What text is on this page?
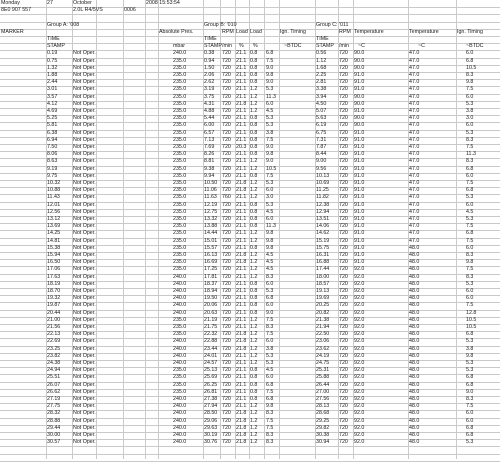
Monday	27	October	2008 15:53:54
8E0 907 557	2.0L R4/5VS	0006
Group A: '008	Group B: '010	Group C: '011
MARKER	Absolute Pres.	RPM Load Load	Ign. Timing	RPM Temperature	Temperature	Ign. Timing
TIME	TIME	TIME
STAMP	mbar	STAMP /min % %	~BTDC	STAMP /min ~C	~C	~BTDC
0.19	Not Oper.	240.0	0.38 720 21.1 0.8 6.8	0.56 720 90.0	47.0	6.0
0.75	Not Oper.	235.0	0.94 720 21.1 0.8 7.5	1.12 720 90.0	47.0	6.8
1.32	Not Oper.	235.0	1.50 720 21.1 0.8 9.0	1.68 720 90.0	47.0	10.5
1.88	Not Oper.	235.0	2.06 720 21.1 0.8 9.8	2.25 720 91.0	47.0	8.3
2.44	Not Oper.	235.0	2.62 720 21.1 0.8 9.0	2.81 720 91.0	47.0	9.8
3.01	Not Oper.	235.0	3.19 720 21.1 1.2 5.3	3.38 720 91.0	47.0	7.5
3.57	Not Oper.	235.0	3.75 720 21.1 1.2 11.3	3.94 720 90.0	47.0	6.0
4.12	Not Oper.	235.0	4.31 720 21.8 1.2 6.0	4.50 720 90.0	47.0	5.3
4.69	Not Oper.	235.0	4.88 720 21.1 1.2 4.5	5.07 720 91.0	47.0	3.8
5.25	Not Oper.	235.0	5.44 720 21.1 0.8 5.3	5.63 720 90.0	47.0	3.0
5.81	Not Oper.	235.0	6.00 720 21.1 0.8 5.3	6.19 720 90.0	47.0	6.0
6.38	Not Oper.	235.0	6.57 720 21.1 0.8 3.8	6.75 720 91.0	47.0	5.3
6.94	Not Oper.	235.0	7.13 720 21.1 0.8 7.5	7.31 720 91.0	47.0	8.3
7.50	Not Oper.	235.0	7.69 720 20.3 0.8 9.0	7.87 720 91.0	47.0	7.5
8.06	Not Oper.	235.0	8.26 720 21.1 0.8 9.8	8.44 720 91.0	47.0	11.3
8.63	Not Oper.	235.0	8.81 720 21.1 1.2 9.0	9.00 720 91.0	47.0	8.3
9.19	Not Oper.	235.0	9.38 720 21.1 1.2 10.5	9.56 720 91.0	47.0	6.8
9.75	Not Oper.	235.0	9.94 720 21.1 0.8 7.5	10.13 720 91.0	47.0	6.0
10.32 Not Oper.	235.0	10.50 720 21.8 1.2 5.3	10.69 720 91.0	47.0	7.5
10.88 Not Oper.	235.0	11.06 720 21.8 1.2 6.0	11.25 720 91.0	47.0	6.8
11.43 Not Oper.	235.0	11.63 760 21.1 1.2 3.0	11.82 720 91.0	47.0	5.3
12.01 Not Oper.	235.0	12.19 720 21.1 0.8 5.3	12.38 720 91.0	47.0	6.0
12.56 Not Oper.	235.0	12.75 720 21.1 0.8 4.5	12.94 720 91.0	47.0	4.5
13.12 Not Oper.	235.0	13.32 720 21.1 0.8 6.0	13.51 720 91.0	47.0	5.3
13.69 Not Oper.	235.0	13.88 720 21.1 0.8 11.3	14.06 720 91.0	47.0	7.5
14.25 Not Oper.	235.0	14.44 720 21.1 1.2 9.8	14.62 720 91.0	47.0	6.8
14.81 Not Oper.	235.0	15.01 720 21.1 1.2 9.8	15.19 720 91.0	47.0	7.5
15.38 Not Oper.	235.0	15.57 720 21.1 0.8 9.8	15.75 720 91.0	48.0	6.0
15.94 Not Oper.	235.0	16.13 720 21.8 1.2 4.5	16.31 720 91.0	48.0	8.3
16.50 Not Oper.	235.0	16.69 720 21.8 1.2 4.5	16.88 720 91.0	48.0	9.8
17.06 Not Oper.	235.0	17.25 720 21.1 1.2 4.5	17.44 720 92.0	48.0	7.5
17.63 Not Oper.	240.0	17.81 720 21.1 1.2 8.3	18.00 720 92.0	48.0	8.3
18.19 Not Oper.	240.0	18.37 720 21.1 0.8 6.0	18.57 720 92.0	48.0	5.3
18.70 Not Oper.	240.0	18.94 720 21.1 0.8 5.3	19.13 720 92.0	48.0	6.0
19.32 Not Oper.	240.0	19.50 720 21.1 0.8 6.8	19.69 720 92.0	48.0	6.0
19.87 Not Oper.	240.0	20.06 720 21.1 0.8 6.0	20.25 720 92.0	48.0	7.5
20.44 Not Oper.	240.0	20.63 720 21.1 0.8 9.0	20.82 720 92.0	48.0	12.8
21.00 Not Oper.	235.0	21.19 720 21.1 1.2 7.5	21.38 720 92.0	48.0	10.5
21.56 Not Oper.	235.0	21.75 720 21.1 1.2 8.3	21.94 720 92.0	48.0	10.5
22.13 Not Oper.	235.0	22.32 720 21.8 1.2 7.5	22.50 720 92.0	48.0	6.8
22.69 Not Oper.	240.0	22.88 720 21.8 1.2 6.0	23.06 720 92.0	48.0	5.3
23.25 Not Oper.	240.0	23.44 720 21.8 1.2 3.8	23.62 720 92.0	48.0	3.8
23.82 Not Oper.	240.0	24.01 720 21.1 1.2 5.3	24.19 720 92.0	48.0	9.8
24.38 Not Oper.	240.0	24.57 720 21.1 1.2 5.3	24.75 720 92.0	48.0	5.3
24.94 Not Oper.	235.0	25.13 720 21.1 0.8 4.5	25.31 720 92.0	48.0	5.3
25.51 Not Oper.	235.0	25.69 720 21.1 0.8 6.0	25.88 720 92.0	48.0	6.8
26.07 Not Oper.	235.0	26.25 720 21.1 0.8 6.8	26.44 720 92.0	48.0	6.8
26.62 Not Oper.	235.0	26.81 720 21.1 0.8 7.5	27.00 720 92.0	48.0	9.0
27.19 Not Oper.	240.0	27.38 720 21.1 0.8 6.8	27.56 720 92.0	48.0	8.3
27.75 Not Oper.	240.0	27.94 720 21.1 1.2 9.8	28.13 720 92.0	48.0	7.5
28.32 Not Oper.	240.0	28.50 720 21.8 1.2 8.3	28.68 720 92.0	48.0	6.0
28.88 Not Oper.	240.0	29.06 720 21.8 1.2 7.5	29.25 720 92.0	48.0	6.0
29.44 Not Oper.	240.0	29.63 720 21.8 1.2 7.5	29.82 720 92.0	48.0	6.8
30.00 Not Oper.	240.0	30.19 720 21.8 1.2 8.3	30.38 720 92.0	48.0	6.8
30.57 Not Oper.	240.0	30.76 720 21.8 1.2 8.3	30.94 720 92.0	48.0	5.3
